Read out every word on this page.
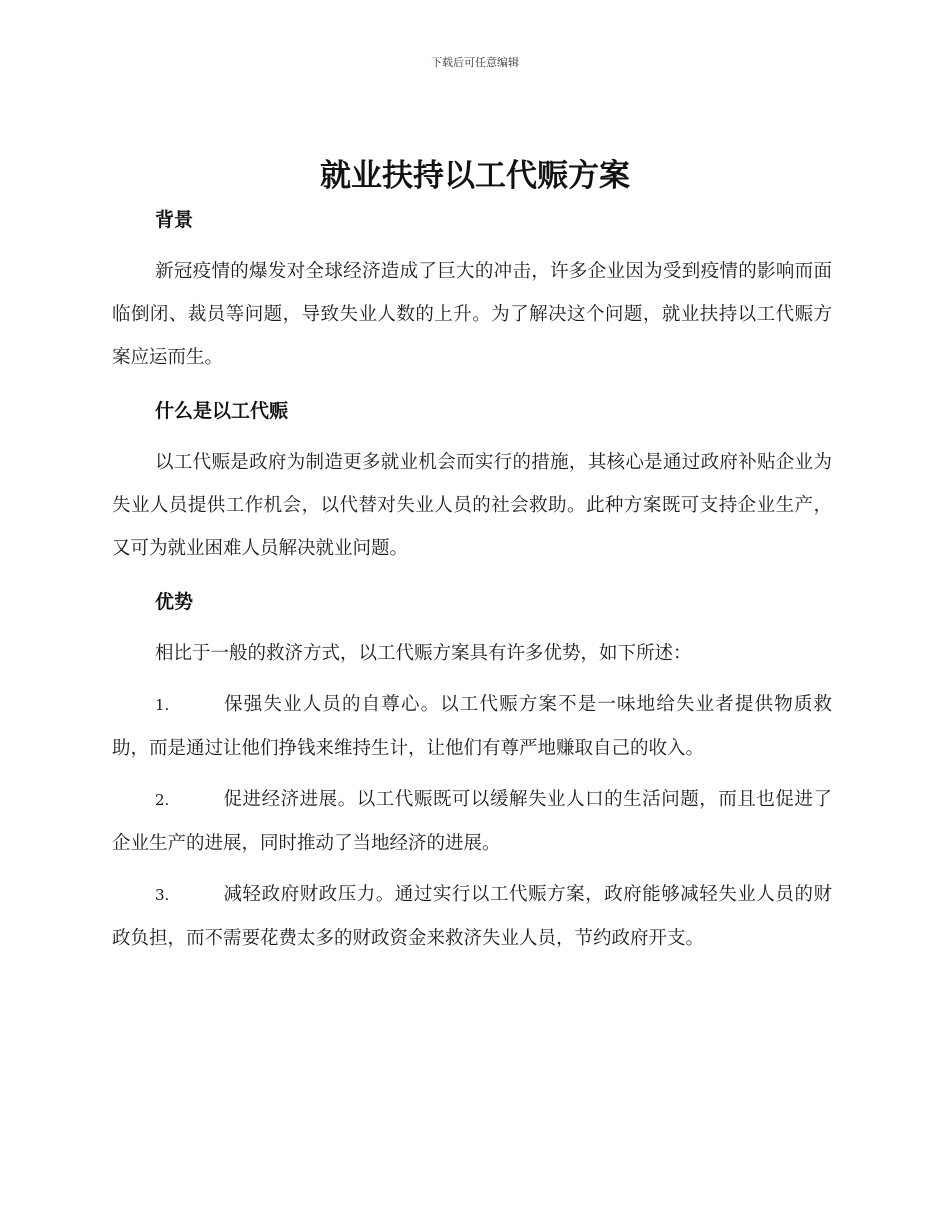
下载后可任意编辑
就业扶持以工代赈方案
背景

新冠疫情的爆发对全球经济造成了巨大的冲击，许多企业因为受到疫情的影响而面临倒闭、裁员等问题，导致失业人数的上升。为了解决这个问题，就业扶持以工代赈方案应运而生。

什么是以工代赈

以工代赈是政府为制造更多就业机会而实行的措施，其核心是通过政府补贴企业为失业人员提供工作机会，以代替对失业人员的社会救助。此种方案既可支持企业生产，又可为就业困难人员解决就业问题。

优势

相比于一般的救济方式，以工代赈方案具有许多优势，如下所述：

1.	保强失业人员的自尊心。以工代赈方案不是一味地给失业者提供物质救助，而是通过让他们挣钱来维持生计，让他们有尊严地赚取自己的收入。

2.	促进经济进展。以工代赈既可以缓解失业人口的生活问题，而且也促进了企业生产的进展，同时推动了当地经济的进展。

3.	减轻政府财政压力。通过实行以工代赈方案，政府能够减轻失业人员的财政负担，而不需要花费太多的财政资金来救济失业人员，节约政府开支。
